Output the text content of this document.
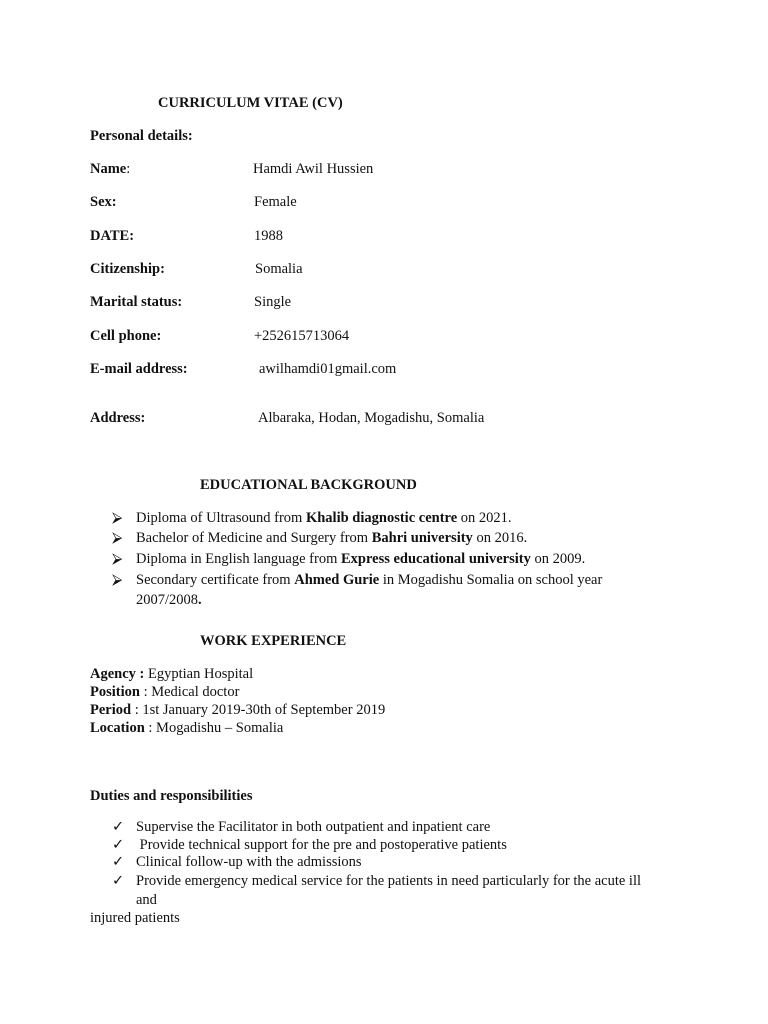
CURRICULUM VITAE (CV)
Personal details:
Name:	Hamdi Awil Hussien
Sex:	Female
DATE:	1988
Citizenship:	Somalia
Marital status:	Single
Cell phone:	+252615713064
E-mail address:	awilhamdi01gmail.com
Address:	Albaraka, Hodan, Mogadishu, Somalia
EDUCATIONAL BACKGROUND
⮚ Diploma of Ultrasound from Khalib diagnostic centre on 2021.
⮚ Bachelor of Medicine and Surgery from Bahri university on 2016.
⮚ Diploma in English language from Express educational university on 2009.
⮚ Secondary certificate from Ahmed Gurie in Mogadishu Somalia on school year
2007/2008.
WORK EXPERIENCE
Agency : Egyptian Hospital
Position : Medical doctor
Period : 1st January 2019-30th of September 2019
Location : Mogadishu – Somalia
Duties and responsibilities
✓ Supervise the Facilitator in both outpatient and inpatient care
✓ Provide technical support for the pre and postoperative patients
✓ Clinical follow-up with the admissions
✓ Provide emergency medical service for the patients in need particularly for the acute ill
and
injured patients
